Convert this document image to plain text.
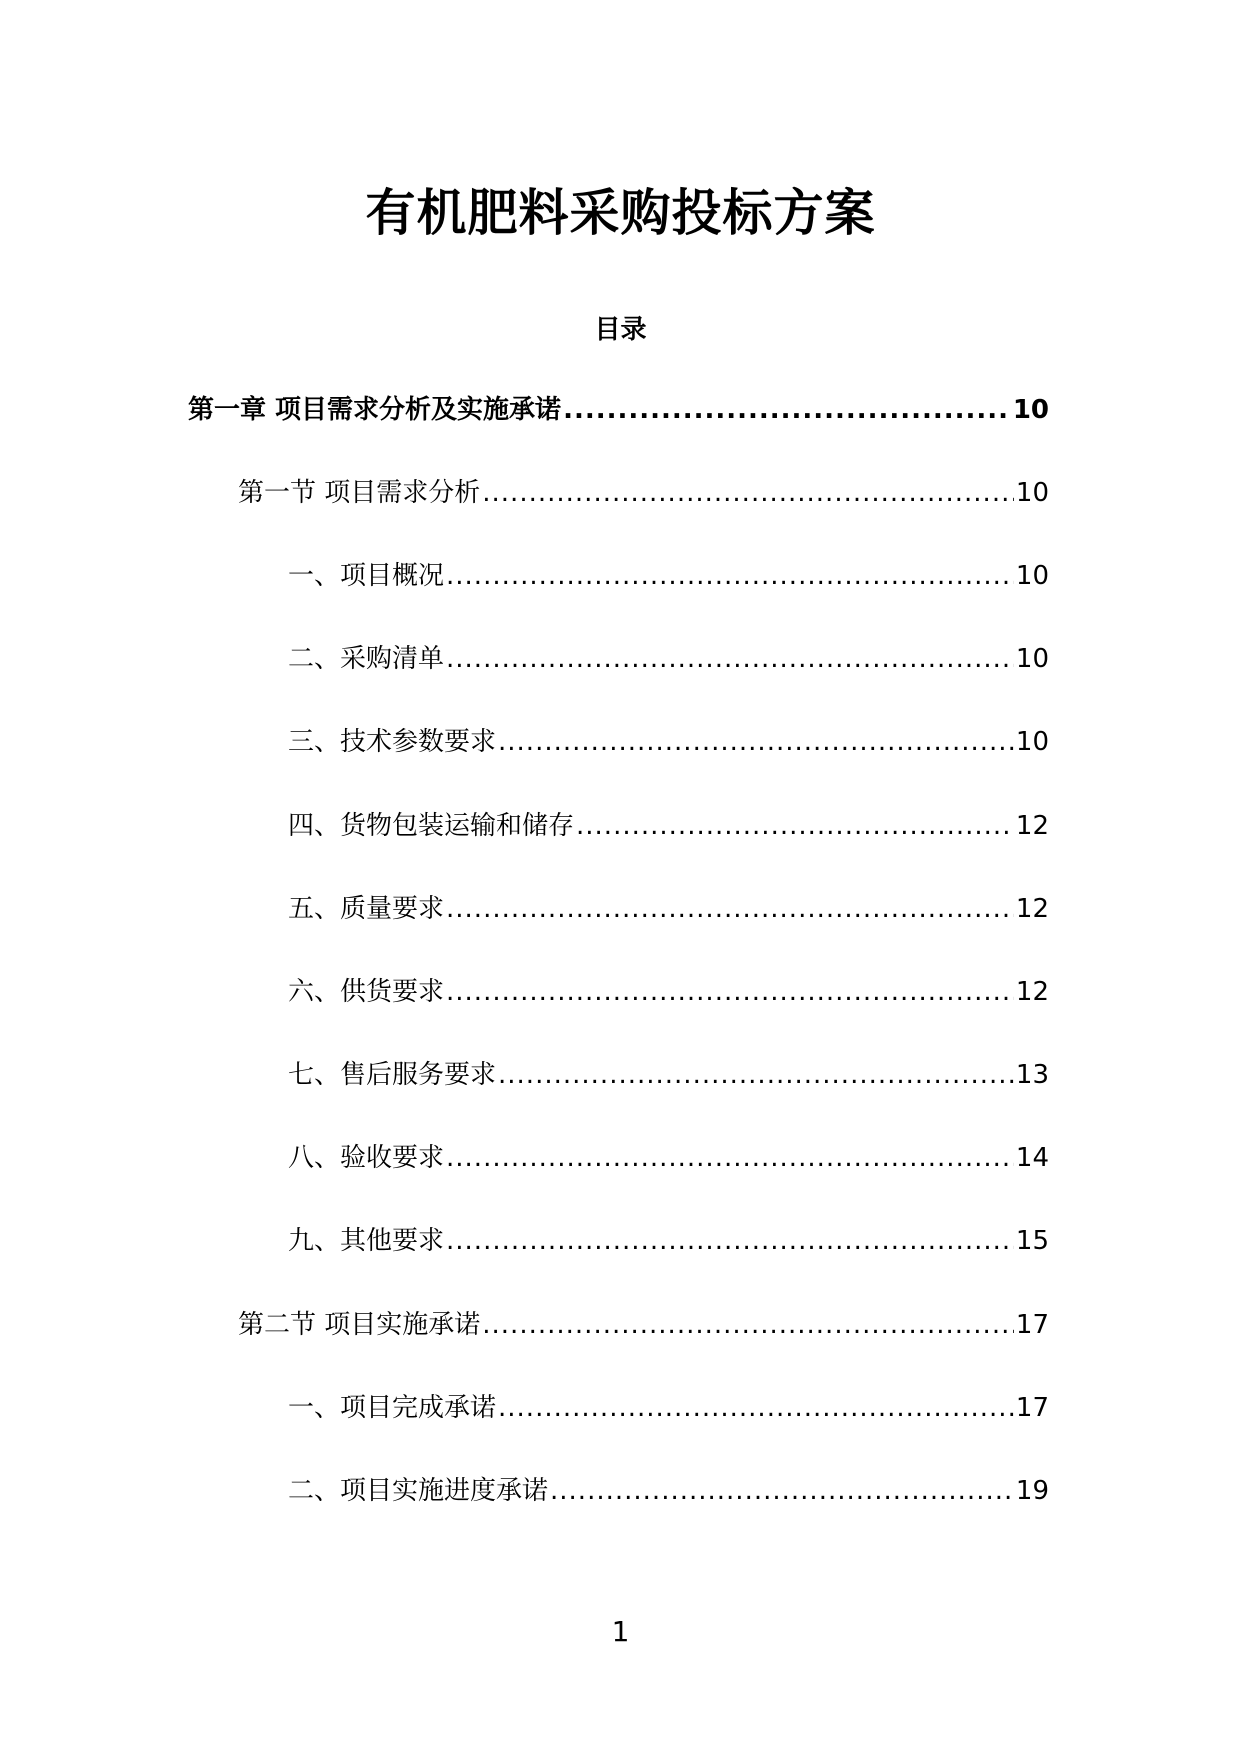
有机肥料采购投标方案
目录
第一章 项目需求分析及实施承诺 .....	10
第一节 项目需求分析 .....	10
一、项目概况 .....	10
二、采购清单 .....	10
三、技术参数要求 .....	10
四、货物包装运输和储存 .....	12
五、质量要求 .....	12
六、供货要求 .....	12
七、售后服务要求 .....	13
八、验收要求 .....	14
九、其他要求 .....	15
第二节 项目实施承诺 .....	17
一、项目完成承诺 .....	17
二、项目实施进度承诺 .....	19
1
